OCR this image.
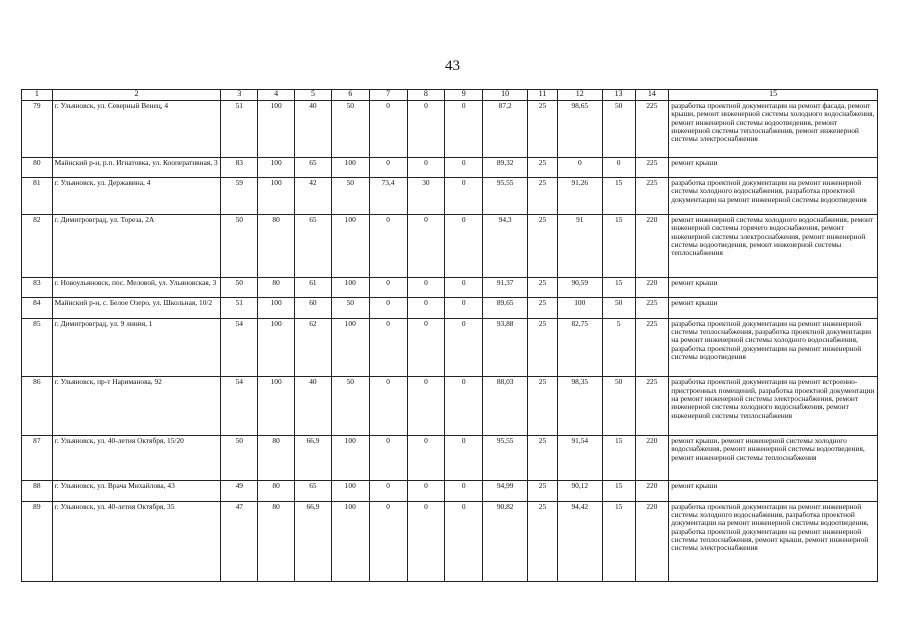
43
1	2	3	4	5	6	7	8	9	10	11	12	13	14	15
79	г. Ульяновск, ул. Северный Венец, 4	51	100	40	50	0	0	0	87,2	25	98,65	50	225	разработка проектной документации на ремонт фасада, ремонт крыши, ремонт инженерной системы холодного водоснабжения, ремонт инженерной системы водоотведения, ремонт инженерной системы теплоснабжения, ремонт инженерной системы электроснабжения
80	Майнский р-н, р.п. Игнатовка, ул. Кооперативная, 3	83	100	65	100	0	0	0	89,32	25	0	0	225	ремонт крыши
81	г. Ульяновск, ул. Державина, 4	59	100	42	50	73,4	30	0	95,55	25	91,26	15	225	разработка проектной документации на ремонт инженерной системы холодного водоснабжения, разработка проектной документации на ремонт инженерной системы водоотведения
82	г. Димитровград, ул. Тореза, 2А	50	80	65	100	0	0	0	94,3	25	91	15	220	ремонт инженерной системы холодного водоснабжения, ремонт инженерной системы горячего водоснабжения, ремонт инженерной системы электроснабжения, ремонт инженерной системы водоотведения, ремонт инженерной системы теплоснабжения
83	г. Новоульяновск, пос. Меловой, ул. Ульяновская, 3	50	80	61	100	0	0	0	91,37	25	90,59	15	220	ремонт крыши
84	Майнский р-н, с. Белое Озеро, ул. Школьная, 10/2	51	100	60	50	0	0	0	89,65	25	100	50	225	ремонт крыши
85	г. Димитровград, ул. 9 линия, 1	54	100	62	100	0	0	0	93,88	25	82,75	5	225	разработка проектной документации на ремонт инженерной системы теплоснабжения, разработка проектной документации на ремонт инженерной системы холодного водоснабжения, разработка проектной документации на ремонт инженерной системы водоотведения
86	г. Ульяновск, пр-т Нариманова, 92	54	100	40	50	0	0	0	88,03	25	98,35	50	225	разработка проектной документации на ремонт встроенно-пристроенных помещений, разработка проектной документации на ремонт инженерной системы электроснабжения, ремонт инженерной системы холодного водоснабжения, ремонт инженерной системы теплоснабжения
87	г. Ульяновск, ул. 40-летия Октября, 15/20	50	80	66,9	100	0	0	0	95,55	25	91,54	15	220	ремонт крыши, ремонт инженерной системы холодного водоснабжения, ремонт инженерной системы водоотведения, ремонт инженерной системы теплоснабжения
88	г. Ульяновск, ул. Врача Михайлова, 43	49	80	65	100	0	0	0	94,99	25	90,12	15	220	ремонт крыши
89	г. Ульяновск, ул. 40-летия Октября, 35	47	80	66,9	100	0	0	0	90,82	25	94,42	15	220	разработка проектной документации на ремонт инженерной системы холодного водоснабжения, разработка проектной документации на ремонт инженерной системы водоотведения, разработка проектной документации на ремонт инженерной системы теплоснабжения, ремонт крыши, ремонт инженерной системы электроснабжения
